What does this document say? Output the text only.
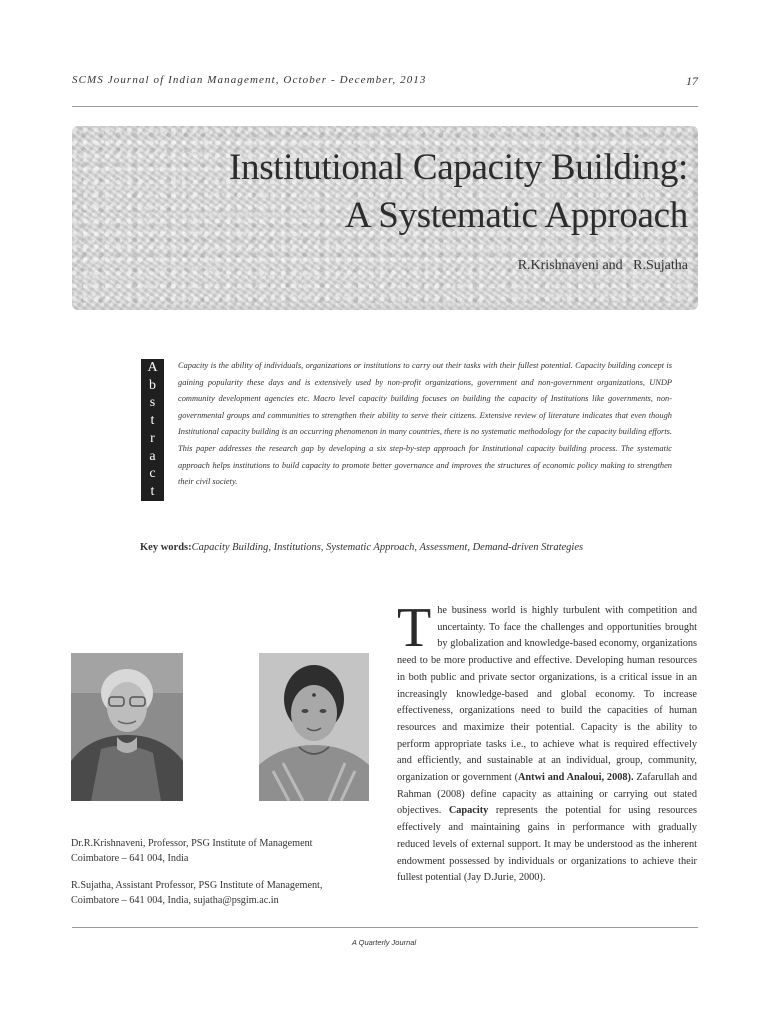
SCMS Journal of Indian Management, October - December, 2013	17
Institutional Capacity Building:
A Systematic Approach
R.Krishnaveni and   R.Sujatha
A
b
s
t
r
a
c
t

Capacity is the ability of individuals, organizations or institutions to carry out their tasks with their fullest potential. Capacity building concept is gaining popularity these days and is extensively used by non-profit organizations, government and non-government organizations, UNDP community development agencies etc. Macro level capacity building focuses on building the capacity of Institutions like governments, non-governmental groups and communities to strengthen their ability to serve their citizens. Extensive review of literature indicates that even though Institutional capacity building is an occurring phenomenon in many countries, there is no systematic methodology for the capacity building efforts. This paper addresses the research gap by developing a six step-by-step approach for Institutional capacity building process. The systematic approach helps institutions to build capacity to promote better governance and improves the structures of economic policy making to strengthen their civil society.

Key words:Capacity Building, Institutions, Systematic Approach, Assessment, Demand-driven Strategies

Dr.R.Krishnaveni, Professor, PSG Institute of Management
Coimbatore – 641 004, India

R.Sujatha, Assistant Professor, PSG Institute of Management,
Coimbatore – 641 004, India, sujatha@psgim.ac.in

The business world is highly turbulent with competition and uncertainty. To face the challenges and opportunities brought by globalization and knowledge-based economy, organizations need to be more productive and effective. Developing human resources in both public and private sector organizations, is a critical issue in an increasingly knowledge-based and global economy. To increase effectiveness, organizations need to build the capacities of human resources and maximize their potential. Capacity is the ability to perform appropriate tasks i.e., to achieve what is required effectively and efficiently, and sustainable at an individual, group, community, organization or government (Antwi and Analoui, 2008). Zafarullah and Rahman (2008) define capacity as attaining or carrying out stated objectives. Capacity represents the potential for using resources effectively and maintaining gains in performance with gradually reduced levels of external support. It may be understood as the inherent endowment possessed by individuals or organizations to achieve their fullest potential (Jay D.Jurie, 2000).

A Quarterly Journal
